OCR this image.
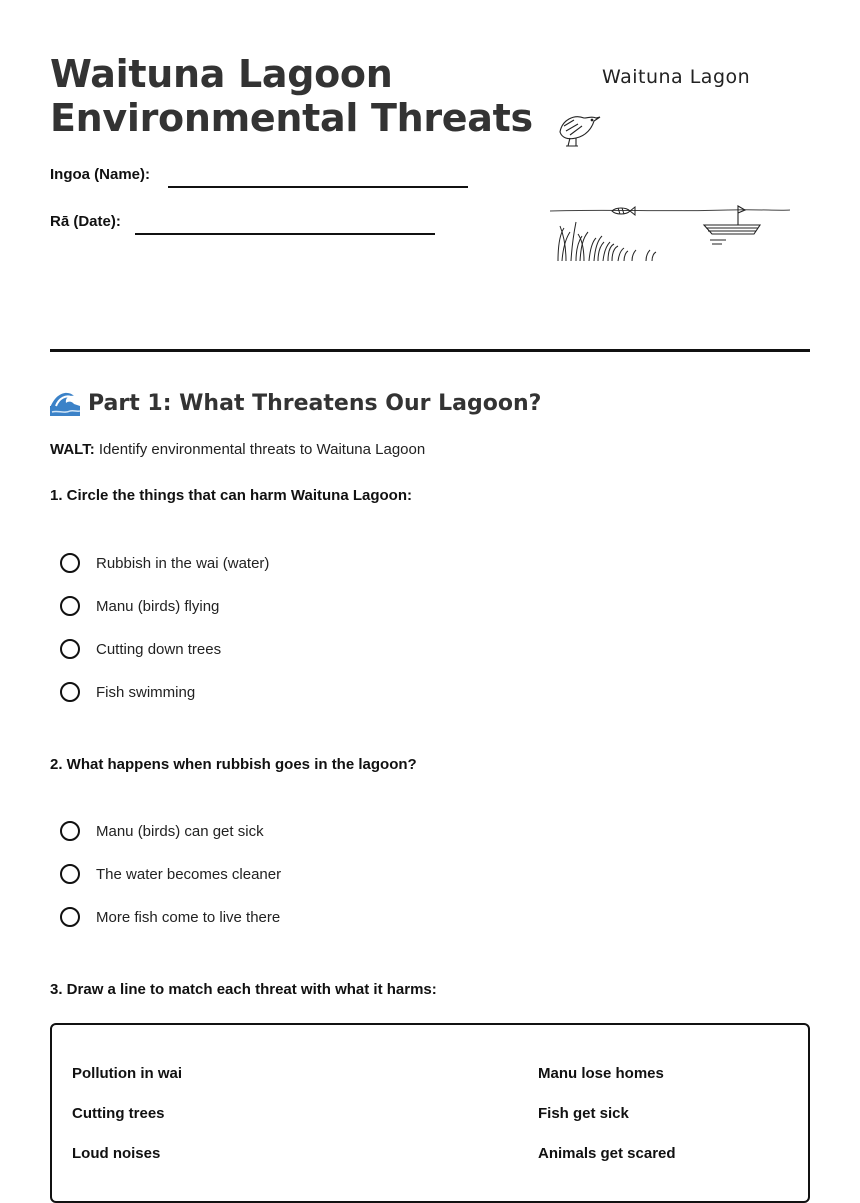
Waituna Lagoon
Environmental Threats
Ingoa (Name):
Rā (Date):
Waituna Lagon
Part 1: What Threatens Our Lagoon?
WALT: Identify environmental threats to Waituna Lagoon
1. Circle the things that can harm Waituna Lagoon:
Rubbish in the wai (water)
Manu (birds) flying
Cutting down trees
Fish swimming
2. What happens when rubbish goes in the lagoon?
Manu (birds) can get sick
The water becomes cleaner
More fish come to live there
3. Draw a line to match each threat with what it harms:
Pollution in wai
Cutting trees
Loud noises
Manu lose homes
Fish get sick
Animals get scared
